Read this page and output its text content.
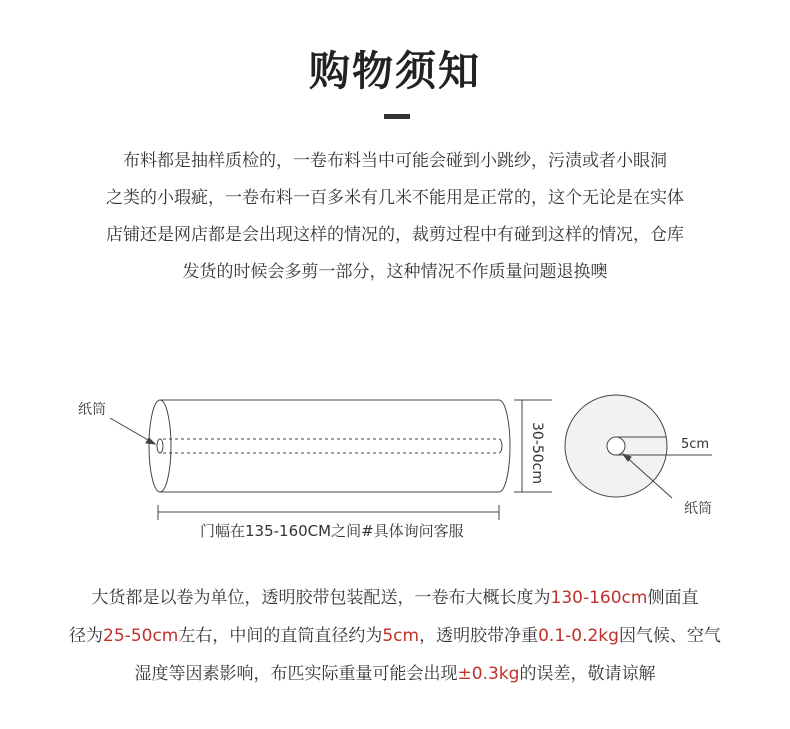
购物须知
布料都是抽样质检的，一卷布料当中可能会碰到小跳纱，污渍或者小眼洞
之类的小瑕疵，一卷布料一百多米有几米不能用是正常的，这个无论是在实体
店铺还是网店都是会出现这样的情况的，裁剪过程中有碰到这样的情况，仓库
发货的时候会多剪一部分，这种情况不作质量问题退换噢
纸筒
30-50cm
门幅在135-160CM之间#具体询问客服
5cm
纸筒
大货都是以卷为单位，透明胶带包装配送，一卷布大概长度为130-160cm侧面直
径为25-50cm左右，中间的直筒直径约为5cm，透明胶带净重0.1-0.2kg因气候、空气
湿度等因素影响，布匹实际重量可能会出现±0.3kg的误差，敬请谅解
